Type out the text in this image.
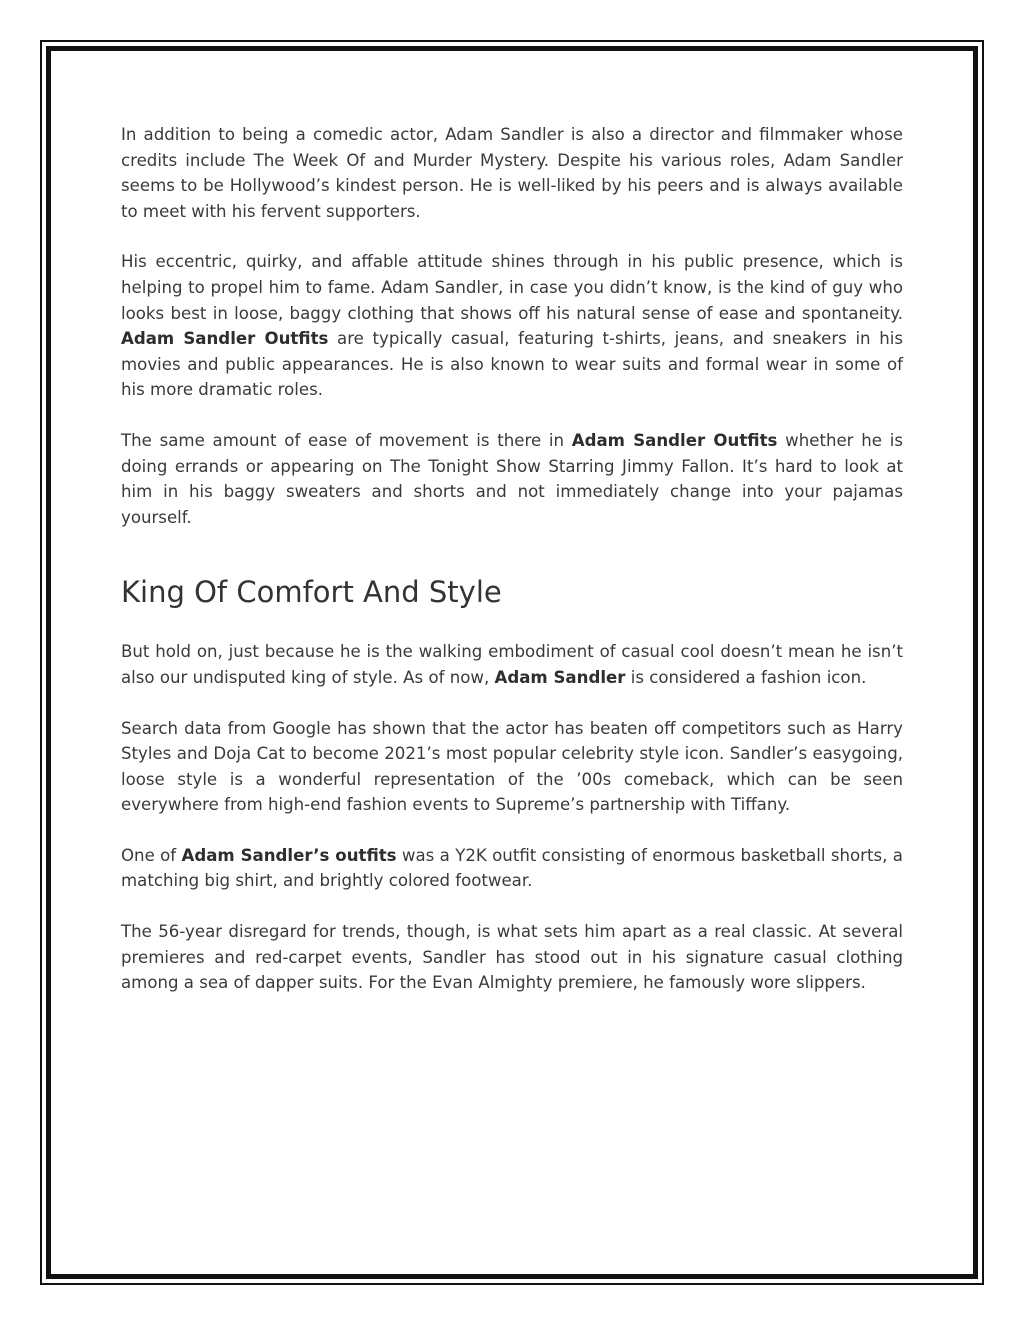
In addition to being a comedic actor, Adam Sandler is also a director and filmmaker whose credits include The Week Of and Murder Mystery. Despite his various roles, Adam Sandler seems to be Hollywood’s kindest person. He is well-liked by his peers and is always available to meet with his fervent supporters.

His eccentric, quirky, and affable attitude shines through in his public presence, which is helping to propel him to fame. Adam Sandler, in case you didn’t know, is the kind of guy who looks best in loose, baggy clothing that shows off his natural sense of ease and spontaneity. Adam Sandler Outfits are typically casual, featuring t-shirts, jeans, and sneakers in his movies and public appearances. He is also known to wear suits and formal wear in some of his more dramatic roles.

The same amount of ease of movement is there in Adam Sandler Outfits whether he is doing errands or appearing on The Tonight Show Starring Jimmy Fallon. It’s hard to look at him in his baggy sweaters and shorts and not immediately change into your pajamas yourself.

King Of Comfort And Style

But hold on, just because he is the walking embodiment of casual cool doesn’t mean he isn’t also our undisputed king of style. As of now, Adam Sandler is considered a fashion icon.

Search data from Google has shown that the actor has beaten off competitors such as Harry Styles and Doja Cat to become 2021’s most popular celebrity style icon. Sandler’s easygoing, loose style is a wonderful representation of the ’00s comeback, which can be seen everywhere from high-end fashion events to Supreme’s partnership with Tiffany.

One of Adam Sandler’s outfits was a Y2K outfit consisting of enormous basketball shorts, a matching big shirt, and brightly colored footwear.

The 56-year disregard for trends, though, is what sets him apart as a real classic. At several premieres and red-carpet events, Sandler has stood out in his signature casual clothing among a sea of dapper suits. For the Evan Almighty premiere, he famously wore slippers.
